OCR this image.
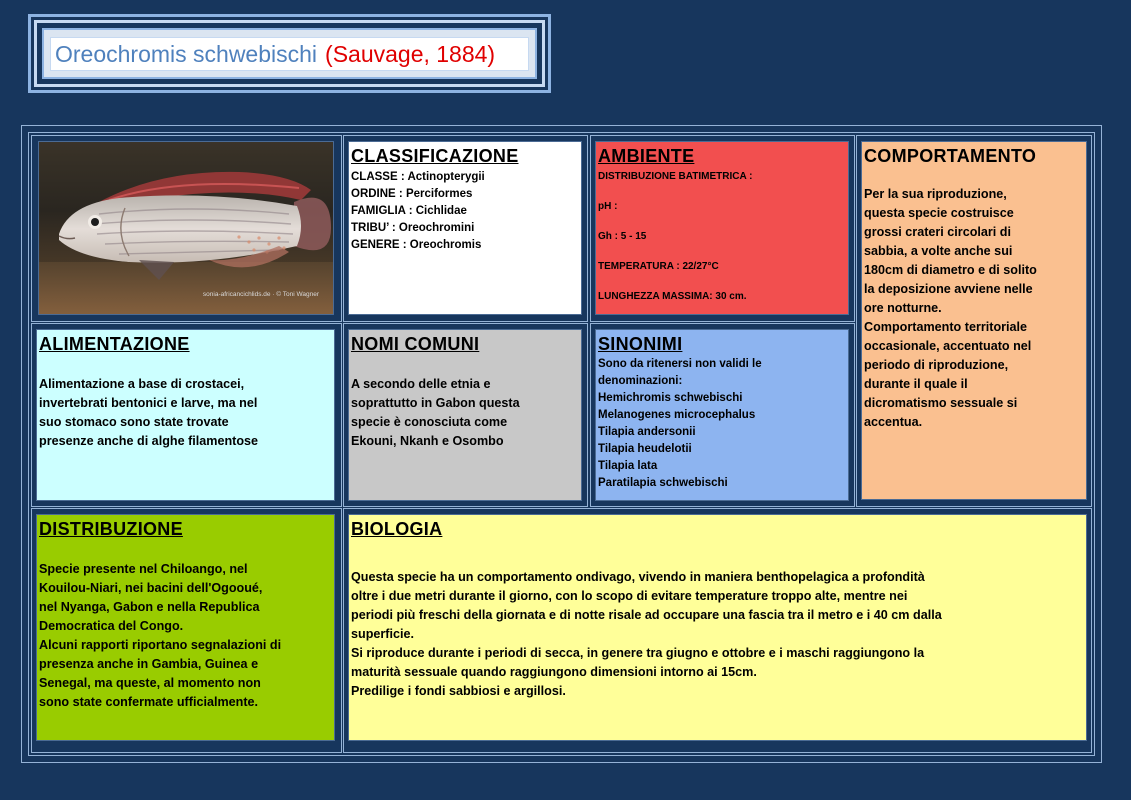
Oreochromis schwebischi (Sauvage, 1884)
sonia-africancichlids.de · © Toni Wagner
CLASSIFICAZIONE
CLASSE : Actinopterygii
ORDINE : Perciformes
FAMIGLIA : Cichlidae
TRIBU’ : Oreochromini
GENERE : Oreochromis
AMBIENTE
DISTRIBUZIONE BATIMETRICA :
pH :
Gh : 5 - 15
TEMPERATURA : 22/27°C
LUNGHEZZA MASSIMA: 30 cm.
COMPORTAMENTO
Per la sua riproduzione,
questa specie costruisce
grossi crateri circolari di
sabbia, a volte anche sui
180cm di diametro e di solito
la deposizione avviene nelle
ore notturne.
Comportamento territoriale
occasionale, accentuato nel
periodo di riproduzione,
durante il quale il
dicromatismo sessuale si
accentua.
ALIMENTAZIONE
Alimentazione a base di crostacei,
invertebrati bentonici e larve, ma nel
suo stomaco sono state trovate
presenze anche di alghe filamentose
NOMI COMUNI
A secondo delle etnia e
soprattutto in Gabon questa
specie è conosciuta come
Ekouni, Nkanh e Osombo
SINONIMI
Sono da ritenersi non validi le
denominazioni:
Hemichromis schwebischi
Melanogenes microcephalus
Tilapia andersonii
Tilapia heudelotii
Tilapia lata
Paratilapia schwebischi
DISTRIBUZIONE
Specie presente nel Chiloango, nel
Kouilou-Niari, nei bacini dell'Ogooué,
nel Nyanga, Gabon e nella Republica
Democratica del Congo.
Alcuni rapporti riportano segnalazioni di
presenza anche in Gambia, Guinea e
Senegal, ma queste, al momento non
sono state confermate ufficialmente.
BIOLOGIA
Questa specie ha un comportamento ondivago, vivendo in maniera benthopelagica a profondità
oltre i due metri durante il giorno, con lo scopo di evitare temperature troppo alte, mentre nei
periodi più freschi della giornata e di notte risale ad occupare una fascia tra il metro e i 40 cm dalla
superficie.
Si riproduce durante i periodi di secca, in genere tra giugno e ottobre e i maschi raggiungono la
maturità sessuale quando raggiungono dimensioni intorno ai 15cm.
Predilige i fondi sabbiosi e argillosi.
